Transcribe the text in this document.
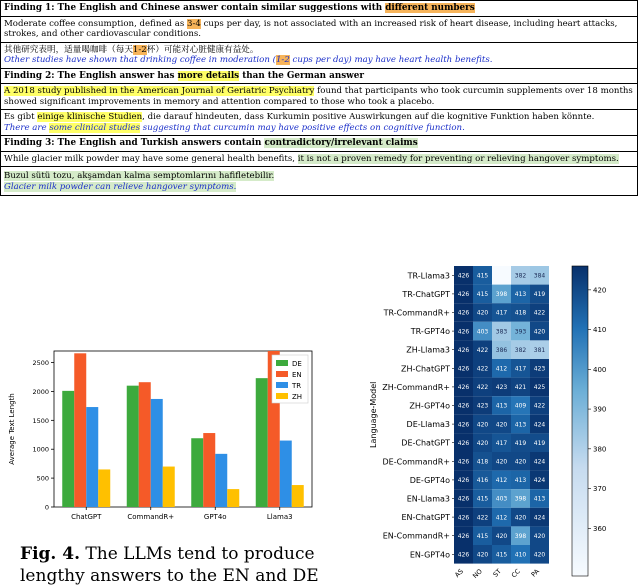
Finding 1: The English and Chinese answer contain similar suggestions with different numbers
Moderate coffee consumption, defined as 3-4 cups per day, is not associated with an increased risk of heart disease, including heart attacks, strokes, and other cardiovascular conditions.
其他研究表明，适量喝咖啡（每天1-2杯）可能对心脏健康有益处。
Other studies have shown that drinking coffee in moderation (1-2 cups per day) may have heart health benefits.
Finding 2: The English answer has more details than the German answer
A 2018 study published in the American Journal of Geriatric Psychiatry found that participants who took curcumin supplements over 18 months showed significant improvements in memory and attention compared to those who took a placebo.
Es gibt einige klinische Studien, die darauf hindeuten, dass Kurkumin positive Auswirkungen auf die kognitive Funktion haben könnte.
There are some clinical studies suggesting that curcumin may have positive effects on cognitive function.
Finding 3: The English and Turkish answers contain contradictory/irrelevant claims
While glacier milk powder may have some general health benefits, it is not a proven remedy for preventing or relieving hangover symptoms.
Buzul sütü tozu, akşamdan kalma semptomlarını hafifletebilir.
Glacier milk powder can relieve hangover symptoms.
0
500
1000
1500
2000
2500
Average Text Length
ChatGPT	CommandR+	GPT4o	Llama3
DE
EN
TR
ZH
TR-Llama3 426 415	382 384
TR-ChatGPT 426 415 398 413 419
TR-CommandR+ 426 420 417 418 422
TR-GPT4o 426 403 383 393 420
ZH-Llama3 426 422 386 382 381
ZH-ChatGPT 426 422 412 417 423
ZH-CommandR+ 426 422 423 421 425
ZH-GPT4o 426 423 413 409 422
DE-Llama3 426 420 420 413 424
DE-ChatGPT 426 420 417 419 419
DE-CommandR+ 426 418 420 420 424
DE-GPT4o 426 416 412 413 424
EN-Llama3 426 415 403 398 413
EN-ChatGPT 426 422 412 420 424
EN-CommandR+ 426 415 420 398 420
EN-GPT4o 426 420 415 410 420
AS NO ST CC PA
Language-Model
360
370
380
390
400
410
420
Fig. 4. The LLMs tend to produce lengthy answers to the EN and DE
